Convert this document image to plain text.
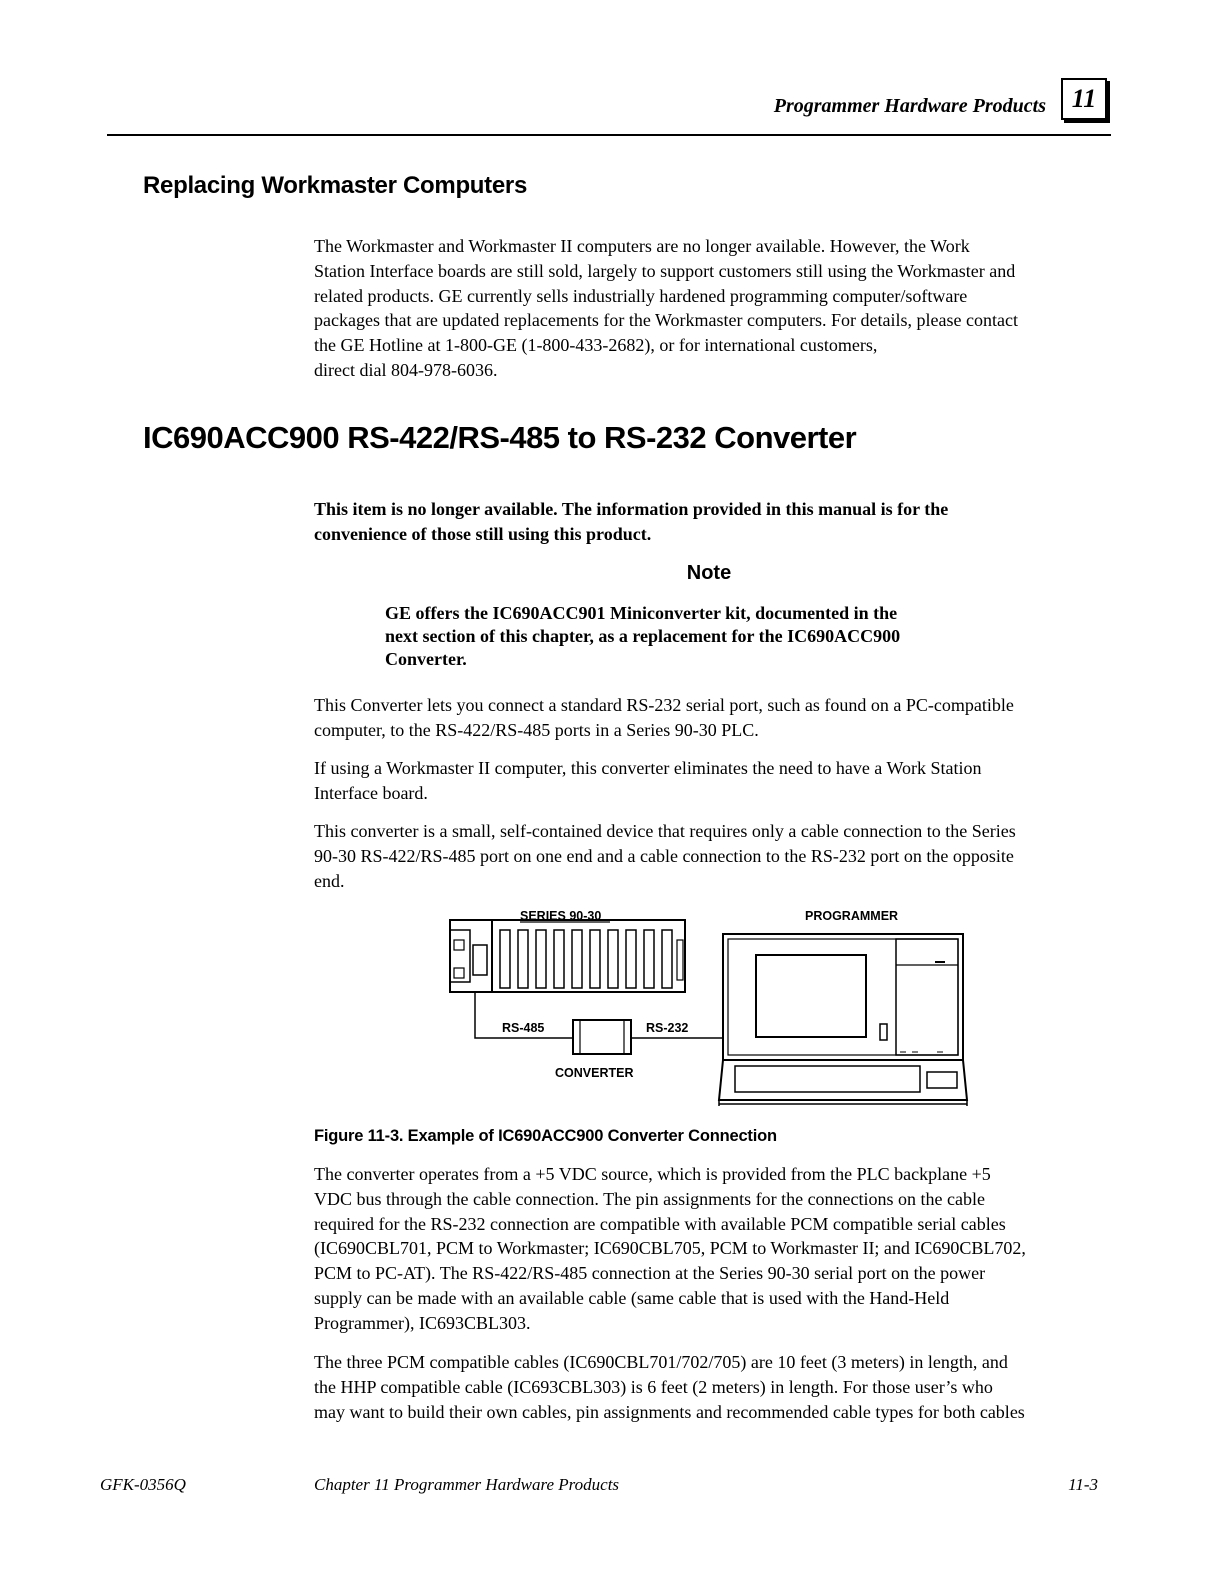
Programmer Hardware Products 11
Replacing Workmaster Computers
The Workmaster and Workmaster II computers are no longer available. However, the Work
Station Interface boards are still sold, largely to support customers still using the Workmaster and
related products. GE currently sells industrially hardened programming computer/software
packages that are updated replacements for the Workmaster computers. For details, please contact
the GE Hotline at 1-800-GE (1-800-433-2682), or for international customers,
direct dial 804-978-6036.
IC690ACC900 RS-422/RS-485 to RS-232 Converter
This item is no longer available. The information provided in this manual is for the
convenience of those still using this product.
Note
GE offers the IC690ACC901 Miniconverter kit, documented in the
next section of this chapter, as a replacement for the IC690ACC900
Converter.
This Converter lets you connect a standard RS-232 serial port, such as found on a PC-compatible
computer, to the RS-422/RS-485 ports in a Series 90-30 PLC.
If using a Workmaster II computer, this converter eliminates the need to have a Work Station
Interface board.
This converter is a small, self-contained device that requires only a cable connection to the Series
90-30 RS-422/RS-485 port on one end and a cable connection to the RS-232 port on the opposite
end.
SERIES 90-30
RS-485	RS-232
CONVERTER
PROGRAMMER
Figure 11-3. Example of IC690ACC900 Converter Connection
The converter operates from a +5 VDC source, which is provided from the PLC backplane +5
VDC bus through the cable connection. The pin assignments for the connections on the cable
required for the RS-232 connection are compatible with available PCM compatible serial cables
(IC690CBL701, PCM to Workmaster; IC690CBL705, PCM to Workmaster II; and IC690CBL702,
PCM to PC-AT). The RS-422/RS-485 connection at the Series 90-30 serial port on the power
supply can be made with an available cable (same cable that is used with the Hand-Held
Programmer), IC693CBL303.
The three PCM compatible cables (IC690CBL701/702/705) are 10 feet (3 meters) in length, and
the HHP compatible cable (IC693CBL303) is 6 feet (2 meters) in length. For those user’s who
may want to build their own cables, pin assignments and recommended cable types for both cables
GFK-0356Q	Chapter 11 Programmer Hardware Products	11-3
